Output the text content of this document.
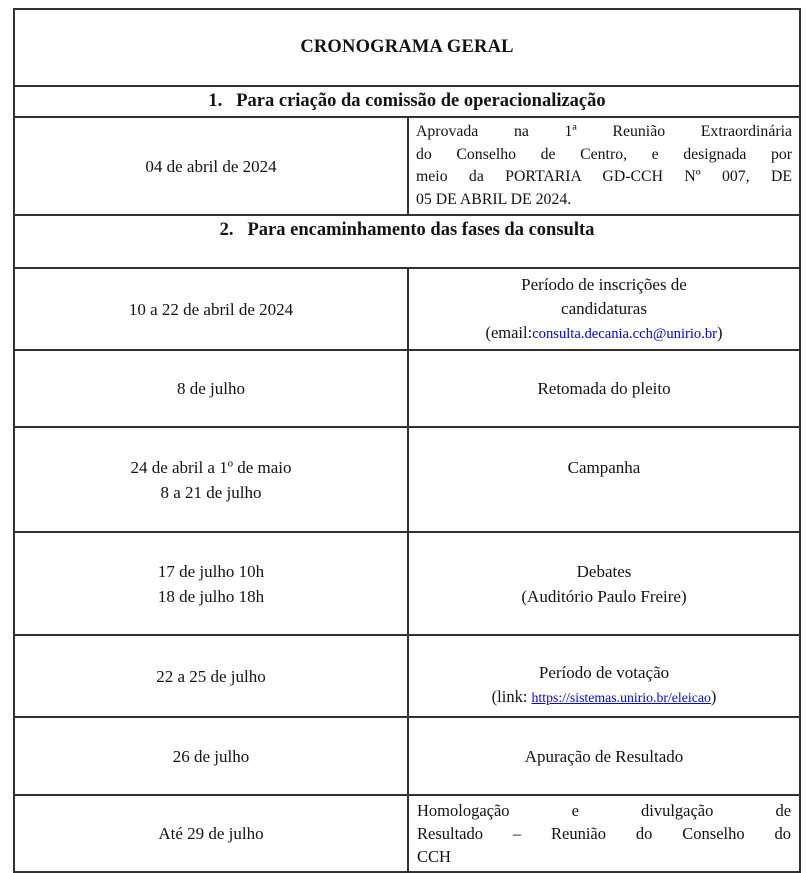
CRONOGRAMA GERAL	
1. Para criação da comissão de operacionalização	
04 de abril de 2024	Aprovada na 1ª Reunião Extraordinária
do Conselho de Centro, e designada por
meio da PORTARIA GD-CCH Nº 007, DE
05 DE ABRIL DE 2024.

2. Para encaminhamento das fases da consulta	
10 a 22 de abril de 2024	Período de inscrições de
candidaturas
(email:consulta.decania.cch@unirio.br)

8 de julho	Retomada do pleito

24 de abril a 1º de maio
8 a 21 de julho	Campanha

17 de julho 10h
18 de julho 18h	Debates
(Auditório Paulo Freire)

22 a 25 de julho	Período de votação
(link: https://sistemas.unirio.br/eleicao)

26 de julho	Apuração de Resultado
Até 29 de julho	Homologação e divulgação de
Resultado – Reunião do Conselho do
CCH
